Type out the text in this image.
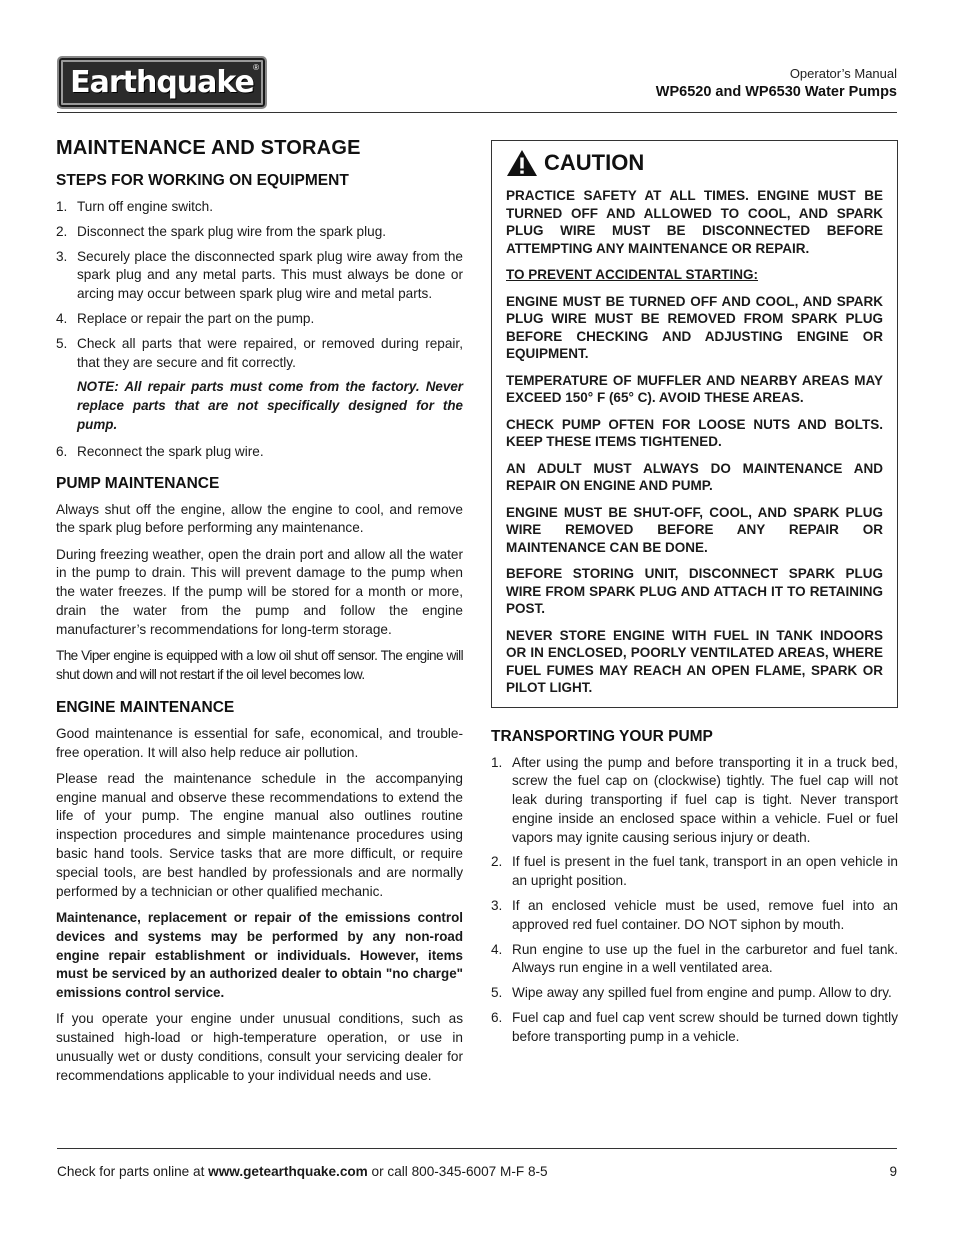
Earthquake ®	Operator’s Manual
WP6520 and WP6530 Water Pumps
MAINTENANCE AND STORAGE
STEPS FOR WORKING ON EQUIPMENT
1. Turn off engine switch.
2. Disconnect the spark plug wire from the spark plug.
3. Securely place the disconnected spark plug wire away from the spark plug and any metal parts. This must always be done or arcing may occur between spark plug wire and metal parts.
4. Replace or repair the part on the pump.
5. Check all parts that were repaired, or removed during repair, that they are secure and fit correctly.
NOTE: All repair parts must come from the factory. Never replace parts that are not specifically designed for the pump.
6. Reconnect the spark plug wire.
PUMP MAINTENANCE

Always shut off the engine, allow the engine to cool, and remove the spark plug before performing any maintenance.

During freezing weather, open the drain port and allow all the water in the pump to drain. This will prevent damage to the pump when the water freezes. If the pump will be stored for a month or more, drain the water from the pump and follow the engine manufacturer’s recommendations for long-term storage.

The Viper engine is equipped with a low oil shut off sensor. The engine will shut down and will not restart if the oil level becomes low.

ENGINE MAINTENANCE

Good maintenance is essential for safe, economical, and trouble-free operation. It will also help reduce air pollution.

Please read the maintenance schedule in the accompanying engine manual and observe these recommendations to extend the life of your pump. The engine manual also outlines routine inspection procedures and simple maintenance procedures using basic hand tools. Service tasks that are more difficult, or require special tools, are best handled by professionals and are normally performed by a technician or other qualified mechanic.

Maintenance, replacement or repair of the emissions control devices and systems may be performed by any non-road engine repair establishment or individuals. However, items must be serviced by an authorized dealer to obtain "no charge" emissions control service.

If you operate your engine under unusual conditions, such as sustained high-load or high-temperature operation, or use in unusually wet or dusty conditions, consult your servicing dealer for recommendations applicable to your individual needs and use.

CAUTION

PRACTICE SAFETY AT ALL TIMES. ENGINE MUST BE TURNED OFF AND ALLOWED TO COOL, AND SPARK PLUG WIRE MUST BE DISCONNECTED BEFORE ATTEMPTING ANY MAINTENANCE OR REPAIR.

TO PREVENT ACCIDENTAL STARTING:

ENGINE MUST BE TURNED OFF AND COOL, AND SPARK PLUG WIRE MUST BE REMOVED FROM SPARK PLUG BEFORE CHECKING AND ADJUSTING ENGINE OR EQUIPMENT.

TEMPERATURE OF MUFFLER AND NEARBY AREAS MAY EXCEED 150° F (65° C). AVOID THESE AREAS.

CHECK PUMP OFTEN FOR LOOSE NUTS AND BOLTS. KEEP THESE ITEMS TIGHTENED.

AN ADULT MUST ALWAYS DO MAINTENANCE AND REPAIR ON ENGINE AND PUMP.

ENGINE MUST BE SHUT-OFF, COOL, AND SPARK PLUG WIRE REMOVED BEFORE ANY REPAIR OR MAINTENANCE CAN BE DONE.

BEFORE STORING UNIT, DISCONNECT SPARK PLUG WIRE FROM SPARK PLUG AND ATTACH IT TO RETAINING POST.

NEVER STORE ENGINE WITH FUEL IN TANK INDOORS OR IN ENCLOSED, POORLY VENTILATED AREAS, WHERE FUEL FUMES MAY REACH AN OPEN FLAME, SPARK OR PILOT LIGHT.

TRANSPORTING YOUR PUMP
1. After using the pump and before transporting it in a truck bed, screw the fuel cap on (clockwise) tightly. The fuel cap will not leak during transporting if fuel cap is tight. Never transport engine inside an enclosed space within a vehicle. Fuel or fuel vapors may ignite causing serious injury or death.
2. If fuel is present in the fuel tank, transport in an open vehicle in an upright position.
3. If an enclosed vehicle must be used, remove fuel into an approved red fuel container. DO NOT siphon by mouth.
4. Run engine to use up the fuel in the carburetor and fuel tank. Always run engine in a well ventilated area.
5. Wipe away any spilled fuel from engine and pump. Allow to dry.
6. Fuel cap and fuel cap vent screw should be turned down tightly before transporting pump in a vehicle.
Check for parts online at www.getearthquake.com or call 800-345-6007 M-F 8-5	9
